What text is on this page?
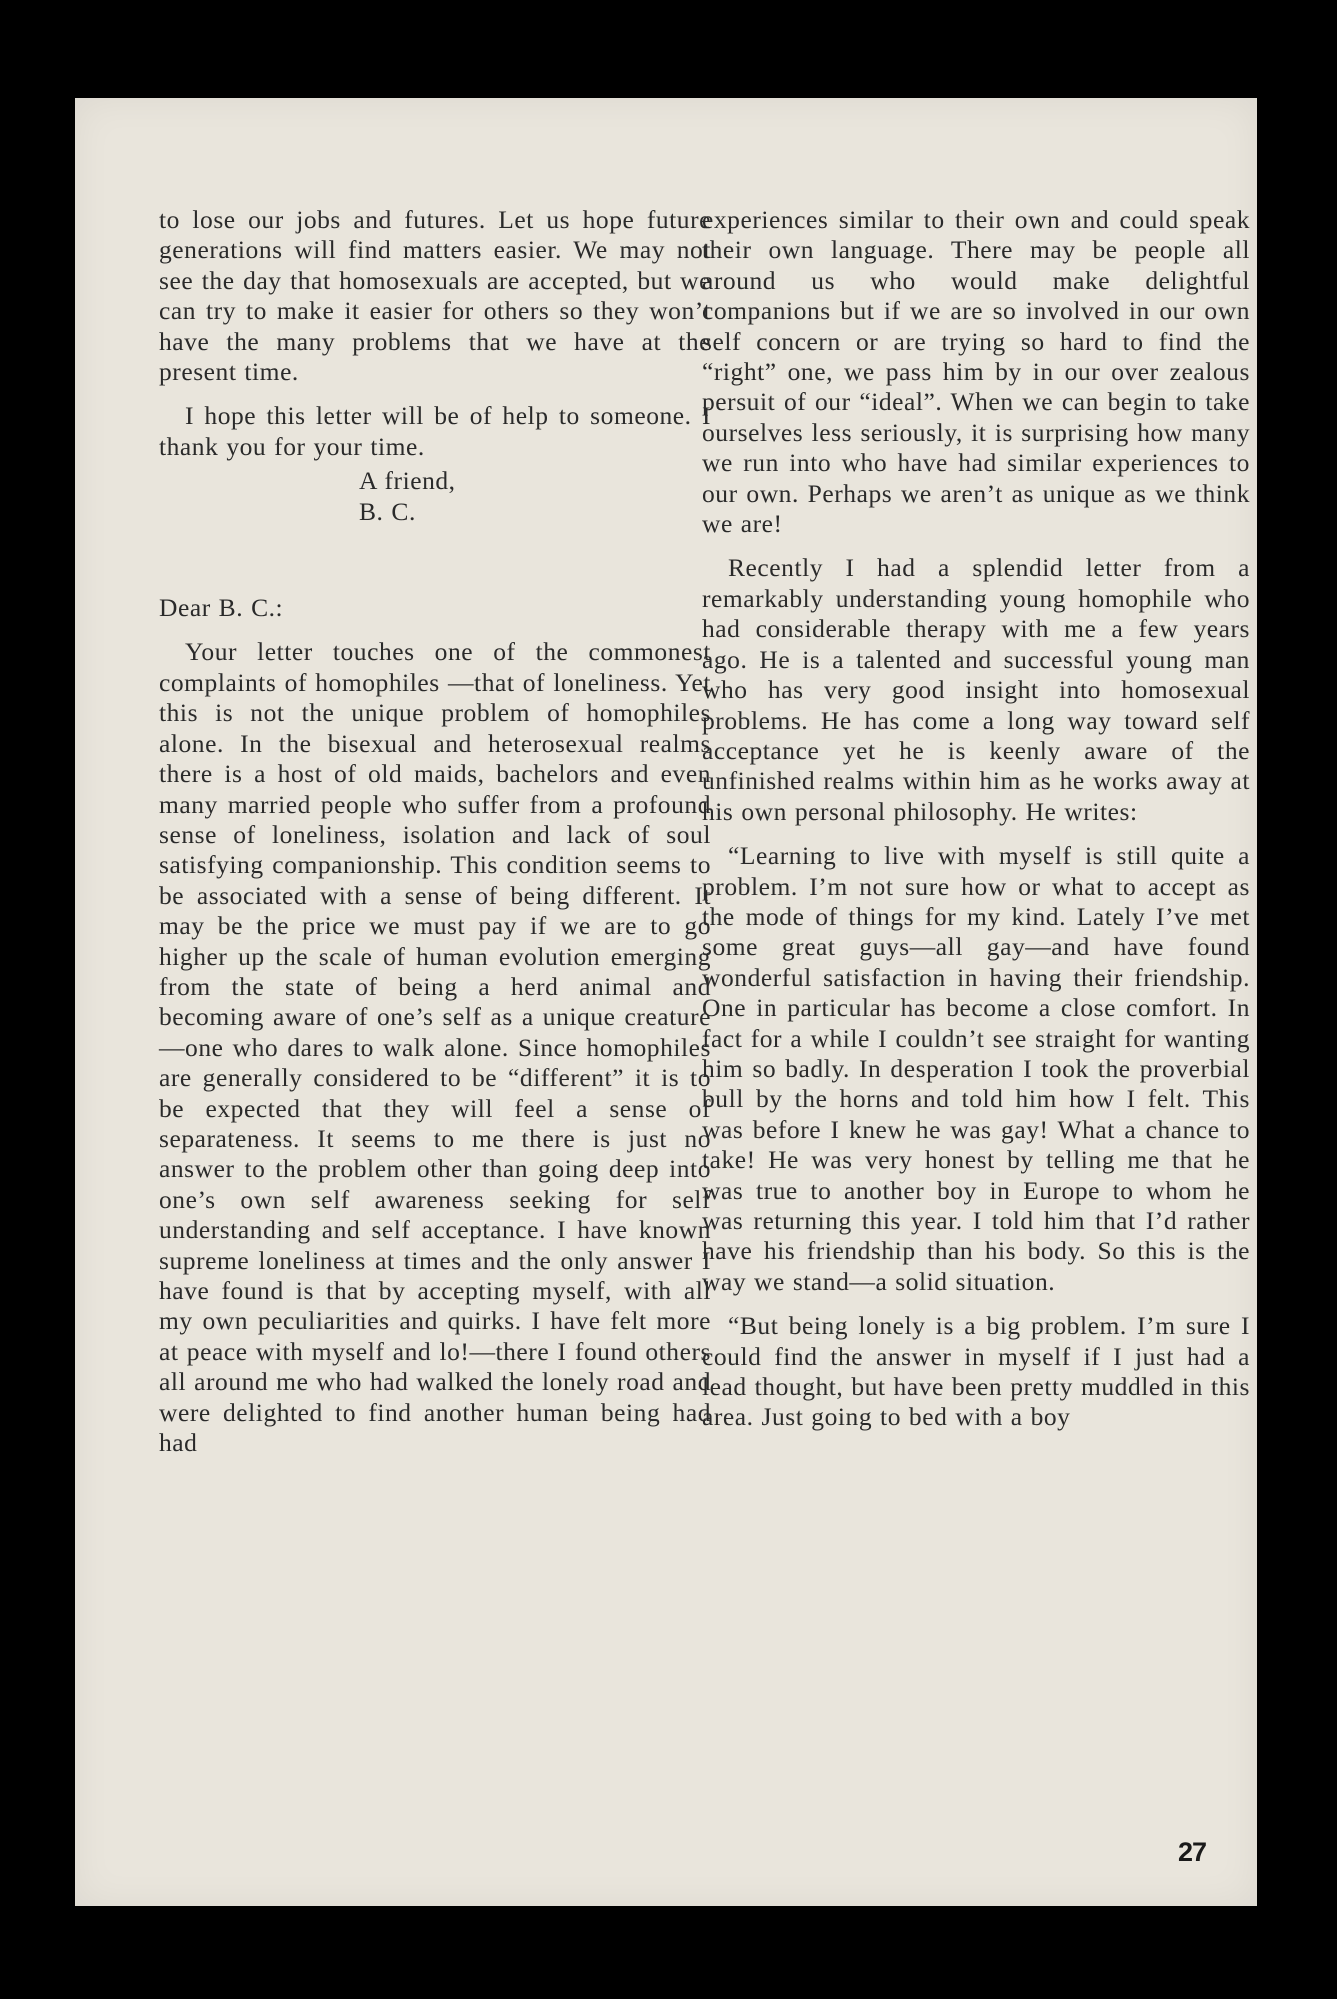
to lose our jobs and futures. Let us hope future generations will find matters easier. We may not see the day that homosexuals are accepted, but we can try to make it easier for others so they won’t have the many problems that we have at the present time.

I hope this letter will be of help to someone. I thank you for your time.

A friend,

B. C.

Dear B. C.:

Your letter touches one of the commonest complaints of homophiles —that of loneliness. Yet this is not the unique problem of homophiles alone. In the bisexual and heterosexual realms there is a host of old maids, bachelors and even many married people who suffer from a profound sense of loneliness, isolation and lack of soul satisfying companionship. This condition seems to be associated with a sense of being different. It may be the price we must pay if we are to go higher up the scale of human evolution emerging from the state of being a herd animal and becoming aware of one’s self as a unique creature—one who dares to walk alone. Since homophiles are generally considered to be “different” it is to be expected that they will feel a sense of separateness. It seems to me there is just no answer to the problem other than going deep into one’s own self awareness seeking for self understanding and self acceptance. I have known supreme loneliness at times and the only answer I have found is that by accepting myself, with all my own peculiarities and quirks. I have felt more at peace with myself and lo!—there I found others all around me who had walked the lonely road and were delighted to find another human being had had

experiences similar to their own and could speak their own language. There may be people all around us who would make delightful companions but if we are so involved in our own self concern or are trying so hard to find the “right” one, we pass him by in our over zealous persuit of our “ideal”. When we can begin to take ourselves less seriously, it is surprising how many we run into who have had similar experiences to our own. Perhaps we aren’t as unique as we think we are!

Recently I had a splendid letter from a remarkably understanding young homophile who had considerable therapy with me a few years ago. He is a talented and successful young man who has very good insight into homosexual problems. He has come a long way toward self acceptance yet he is keenly aware of the unfinished realms within him as he works away at his own personal philosophy. He writes:

“Learning to live with myself is still quite a problem. I’m not sure how or what to accept as the mode of things for my kind. Lately I’ve met some great guys—all gay—and have found wonderful satisfaction in having their friendship. One in particular has become a close comfort. In fact for a while I couldn’t see straight for wanting him so badly. In desperation I took the proverbial bull by the horns and told him how I felt. This was before I knew he was gay! What a chance to take! He was very honest by telling me that he was true to another boy in Europe to whom he was returning this year. I told him that I’d rather have his friendship than his body. So this is the way we stand—a solid situation.

“But being lonely is a big problem. I’m sure I could find the answer in myself if I just had a lead thought, but have been pretty muddled in this area. Just going to bed with a boy

27
